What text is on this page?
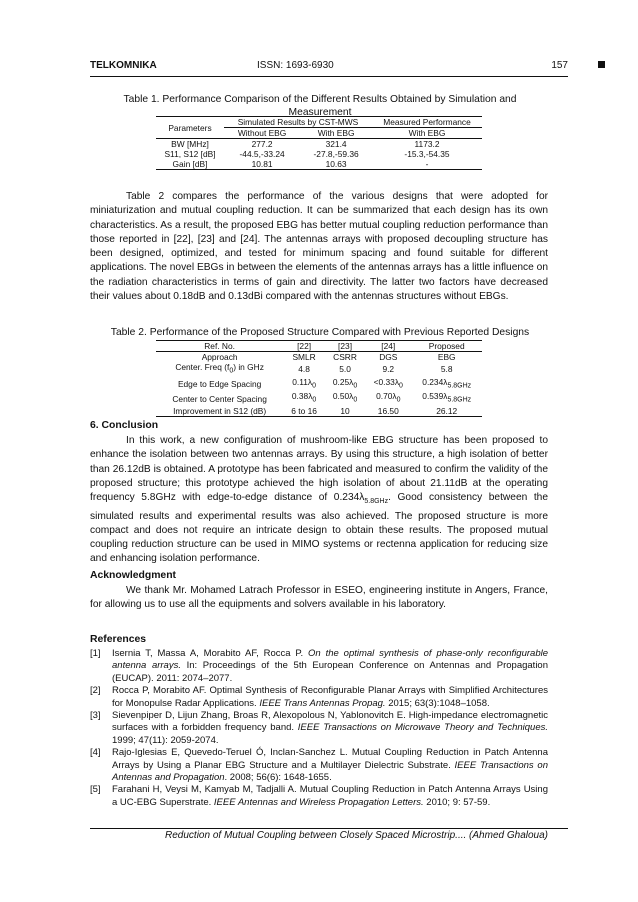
TELKOMNIKA	ISSN: 1693-6930	157
Table 1. Performance Comparison of the Different Results Obtained by Simulation and Measurement
Parameters	Simulated Results by CST-MWS		Measured Performance
	Without EBG	With EBG	With EBG
BW [MHz]	277.2	321.4	1173.2
S11, S12 [dB]	-44.5,-33.24	-27.8,-59.36	-15.3,-54.35
Gain [dB]	10.81	10.63	-
Table 2 compares the performance of the various designs that were adopted for miniaturization and mutual coupling reduction. It can be summarized that each design has its own characteristics. As a result, the proposed EBG has better mutual coupling reduction performance than those reported in [22], [23] and [24]. The antennas arrays with proposed decoupling structure has been designed, optimized, and tested for minimum spacing and found suitable for different applications. The novel EBGs in between the elements of the antennas arrays has a little influence on the radiation characteristics in terms of gain and directivity. The latter two factors have decreased their values about 0.18dB and 0.13dBi compared with the antennas structures without EBGs.
Table 2. Performance of the Proposed Structure Compared with Previous Reported Designs
Ref. No.	[22]	[23]	[24]	Proposed
Approach	SMLR	CSRR	DGS	EBG
Center. Freq $(f_0)$ in GHz	4.8	5.0	9.2	5.8
Edge to Edge Spacing	$0.11\lambda_0$	$0.25\lambda_0$	$<0.33\lambda_0$	$0.234\lambda_{5.8GHz}$
Center to Center Spacing	$0.38\lambda_0$	$0.50\lambda_0$	$0.70\lambda_0$	$0.539\lambda_{5.8GHz}$
Improvement in S12 (dB)	6 to 16	10	16.50	26.12
6. Conclusion
In this work, a new configuration of mushroom-like EBG structure has been proposed to enhance the isolation between two antennas arrays. By using this structure, a high isolation of better than 26.12dB is obtained. A prototype has been fabricated and measured to confirm the validity of the proposed structure; this prototype achieved the high isolation of about 21.11dB at the operating frequency 5.8GHz with edge-to-edge distance of $0.234\lambda_{5.8GHz}$. Good consistency between the simulated results and experimental results was also achieved. The proposed structure is more compact and does not require an intricate design to obtain these results. The proposed mutual coupling reduction structure can be used in MIMO systems or rectenna application for reducing size and enhancing isolation performance.
Acknowledgment
We thank Mr. Mohamed Latrach Professor in ESEO, engineering institute in Angers, France, for allowing us to use all the equipments and solvers available in his laboratory.
References
[1] Isernia T, Massa A, Morabito AF, Rocca P. On the optimal synthesis of phase-only reconfigurable antenna arrays. In: Proceedings of the 5th European Conference on Antennas and Propagation (EUCAP). 2011: 2074–2077.
[2] Rocca P, Morabito AF. Optimal Synthesis of Reconfigurable Planar Arrays with Simplified Architectures for Monopulse Radar Applications. IEEE Trans Antennas Propag. 2015; 63(3):1048–1058.
[3] Sievenpiper D, Lijun Zhang, Broas R, Alexopolous N, Yablonovitch E. High-impedance electromagnetic surfaces with a forbidden frequency band. IEEE Transactions on Microwave Theory and Techniques. 1999; 47(11): 2059-2074.
[4] Rajo-Iglesias E, Quevedo-Teruel Ó, Inclan-Sanchez L. Mutual Coupling Reduction in Patch Antenna Arrays by Using a Planar EBG Structure and a Multilayer Dielectric Substrate. IEEE Transactions on Antennas and Propagation. 2008; 56(6): 1648-1655.
[5] Farahani H, Veysi M, Kamyab M, Tadjalli A. Mutual Coupling Reduction in Patch Antenna Arrays Using a UC-EBG Superstrate. IEEE Antennas and Wireless Propagation Letters. 2010; 9: 57-59.
Reduction of Mutual Coupling between Closely Spaced Microstrip.... (Ahmed Ghaloua)
